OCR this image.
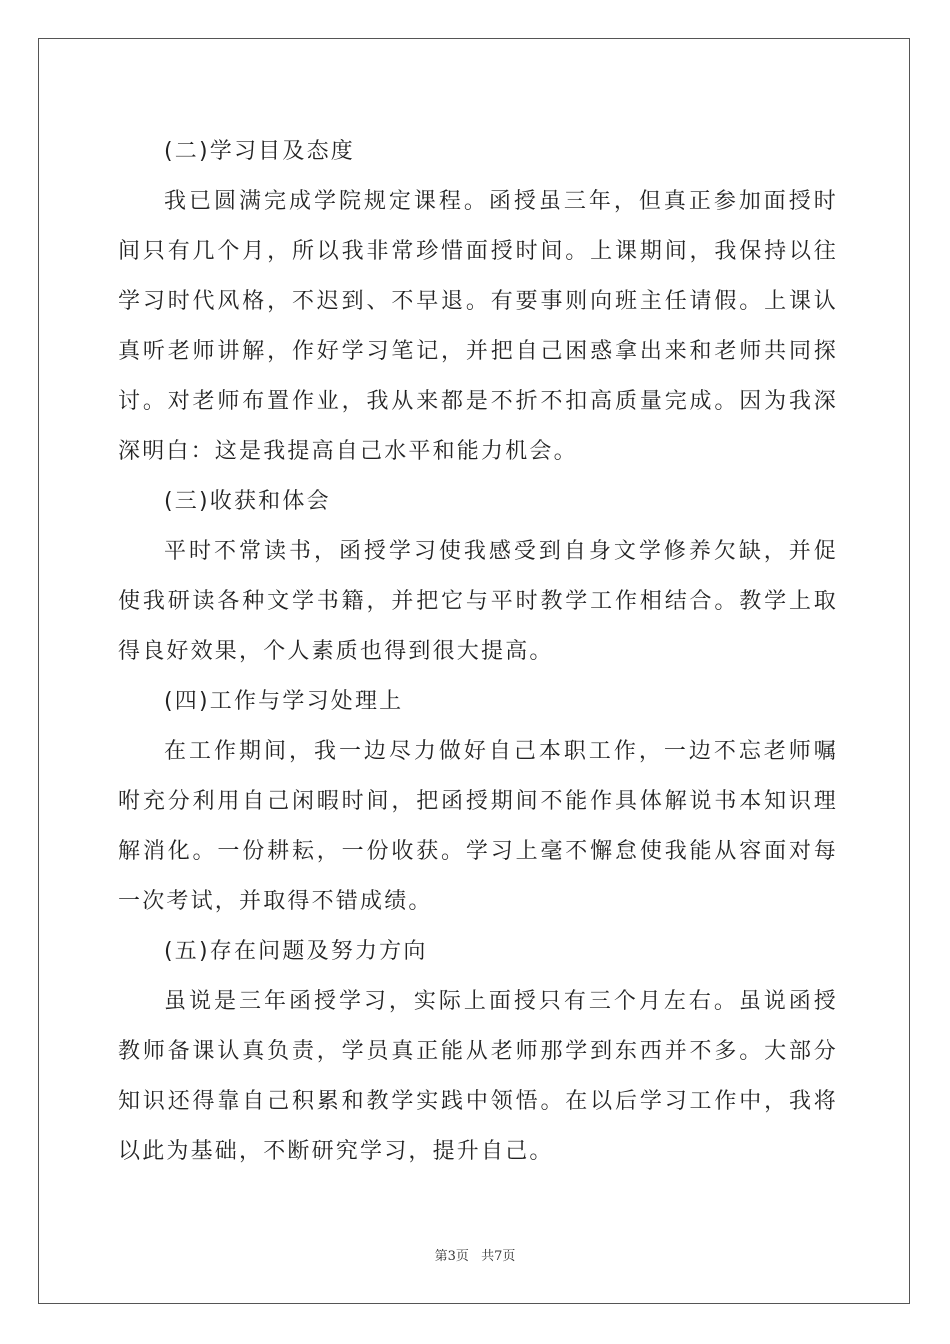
(二)学习目及态度

我已圆满完成学院规定课程。函授虽三年，但真正参加面授时间只有几个月，所以我非常珍惜面授时间。上课期间，我保持以往学习时代风格，不迟到、不早退。有要事则向班主任请假。上课认真听老师讲解，作好学习笔记，并把自己困惑拿出来和老师共同探讨。对老师布置作业，我从来都是不折不扣高质量完成。因为我深深明白：这是我提高自己水平和能力机会。

(三)收获和体会

平时不常读书，函授学习使我感受到自身文学修养欠缺，并促使我研读各种文学书籍，并把它与平时教学工作相结合。教学上取得良好效果，个人素质也得到很大提高。

(四)工作与学习处理上

在工作期间，我一边尽力做好自己本职工作，一边不忘老师嘱咐充分利用自己闲暇时间，把函授期间不能作具体解说书本知识理解消化。一份耕耘，一份收获。学习上毫不懈怠使我能从容面对每一次考试，并取得不错成绩。

(五)存在问题及努力方向

虽说是三年函授学习，实际上面授只有三个月左右。虽说函授教师备课认真负责，学员真正能从老师那学到东西并不多。大部分知识还得靠自己积累和教学实践中领悟。在以后学习工作中，我将以此为基础，不断研究学习，提升自己。

第3页 共7页
